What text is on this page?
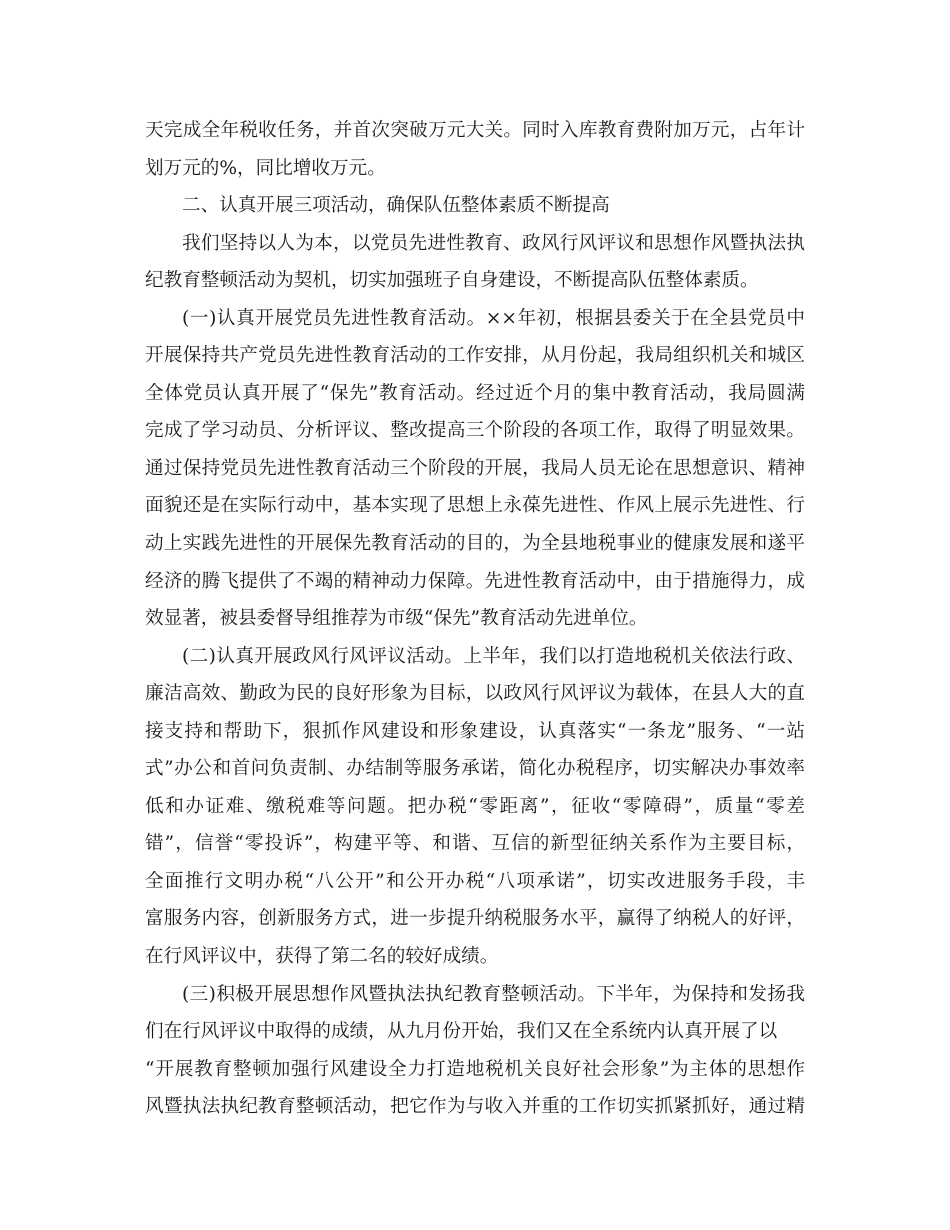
天完成全年税收任务，并首次突破万元大关。同时入库教育费附加万元，占年计
划万元的%，同比增收万元。
二、认真开展三项活动，确保队伍整体素质不断提高
我们坚持以人为本，以党员先进性教育、政风行风评议和思想作风暨执法执
纪教育整顿活动为契机，切实加强班子自身建设，不断提高队伍整体素质。
(一)认真开展党员先进性教育活动。××年初，根据县委关于在全县党员中
开展保持共产党员先进性教育活动的工作安排，从月份起，我局组织机关和城区
全体党员认真开展了“保先”教育活动。经过近个月的集中教育活动，我局圆满
完成了学习动员、分析评议、整改提高三个阶段的各项工作，取得了明显效果。
通过保持党员先进性教育活动三个阶段的开展，我局人员无论在思想意识、精神
面貌还是在实际行动中，基本实现了思想上永葆先进性、作风上展示先进性、行
动上实践先进性的开展保先教育活动的目的，为全县地税事业的健康发展和遂平
经济的腾飞提供了不竭的精神动力保障。先进性教育活动中，由于措施得力，成
效显著，被县委督导组推荐为市级“保先”教育活动先进单位。
(二)认真开展政风行风评议活动。上半年，我们以打造地税机关依法行政、
廉洁高效、勤政为民的良好形象为目标，以政风行风评议为载体，在县人大的直
接支持和帮助下，狠抓作风建设和形象建设，认真落实“一条龙”服务、“一站
式”办公和首问负责制、办结制等服务承诺，简化办税程序，切实解决办事效率
低和办证难、缴税难等问题。把办税“零距离”，征收“零障碍”，质量“零差
错”，信誉“零投诉”，构建平等、和谐、互信的新型征纳关系作为主要目标，
全面推行文明办税“八公开”和公开办税“八项承诺”，切实改进服务手段，丰
富服务内容，创新服务方式，进一步提升纳税服务水平，赢得了纳税人的好评，
在行风评议中，获得了第二名的较好成绩。
(三)积极开展思想作风暨执法执纪教育整顿活动。下半年，为保持和发扬我
们在行风评议中取得的成绩，从九月份开始，我们又在全系统内认真开展了以
“开展教育整顿加强行风建设全力打造地税机关良好社会形象”为主体的思想作
风暨执法执纪教育整顿活动，把它作为与收入并重的工作切实抓紧抓好，通过精
